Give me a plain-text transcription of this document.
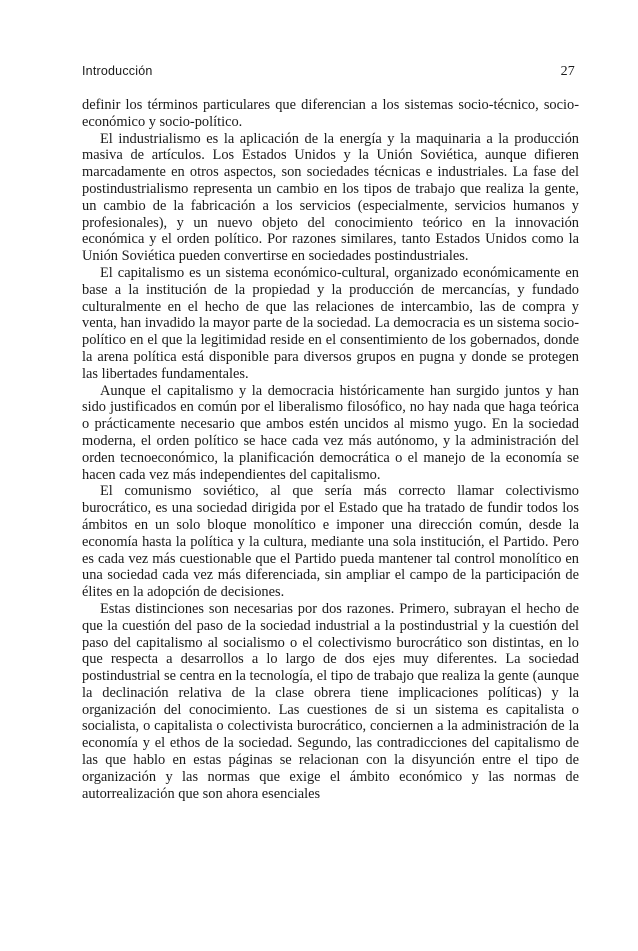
Introducción	27

definir los términos particulares que diferencian a los sistemas socio-técnico, socio-económico y socio-político.

El industrialismo es la aplicación de la energía y la maquinaria a la producción masiva de artículos. Los Estados Unidos y la Unión Soviética, aunque difieren marcadamente en otros aspectos, son sociedades técnicas e industriales. La fase del postindustrialismo representa un cambio en los tipos de trabajo que realiza la gente, un cambio de la fabricación a los servicios (especialmente, servicios humanos y profesionales), y un nuevo objeto del conocimiento teórico en la innovación económica y el orden político. Por razones similares, tanto Estados Unidos como la Unión Soviética pueden convertirse en sociedades postindustriales.

El capitalismo es un sistema económico-cultural, organizado económicamente en base a la institución de la propiedad y la producción de mercancías, y fundado culturalmente en el hecho de que las relaciones de intercambio, las de compra y venta, han invadido la mayor parte de la sociedad. La democracia es un sistema socio-político en el que la legitimidad reside en el consentimiento de los gobernados, donde la arena política está disponible para diversos grupos en pugna y donde se protegen las libertades fundamentales.

Aunque el capitalismo y la democracia históricamente han surgido juntos y han sido justificados en común por el liberalismo filosófico, no hay nada que haga teórica o prácticamente necesario que ambos estén uncidos al mismo yugo. En la sociedad moderna, el orden político se hace cada vez más autónomo, y la administración del orden tecnoeconómico, la planificación democrática o el manejo de la economía se hacen cada vez más independientes del capitalismo.

El comunismo soviético, al que sería más correcto llamar colectivismo burocrático, es una sociedad dirigida por el Estado que ha tratado de fundir todos los ámbitos en un solo bloque monolítico e imponer una dirección común, desde la economía hasta la política y la cultura, mediante una sola institución, el Partido. Pero es cada vez más cuestionable que el Partido pueda mantener tal control monolítico en una sociedad cada vez más diferenciada, sin ampliar el campo de la participación de élites en la adopción de decisiones.

Estas distinciones son necesarias por dos razones. Primero, subrayan el hecho de que la cuestión del paso de la sociedad industrial a la postindustrial y la cuestión del paso del capitalismo al socialismo o el colectivismo burocrático son distintas, en lo que respecta a desarrollos a lo largo de dos ejes muy diferentes. La sociedad postindustrial se centra en la tecnología, el tipo de trabajo que realiza la gente (aunque la declinación relativa de la clase obrera tiene implicaciones políticas) y la organización del conocimiento. Las cuestiones de si un sistema es capitalista o socialista, o capitalista o colectivista burocrático, conciernen a la administración de la economía y el ethos de la sociedad. Segundo, las contradicciones del capitalismo de las que hablo en estas páginas se relacionan con la disyunción entre el tipo de organización y las normas que exige el ámbito económico y las normas de autorrealización que son ahora esenciales
